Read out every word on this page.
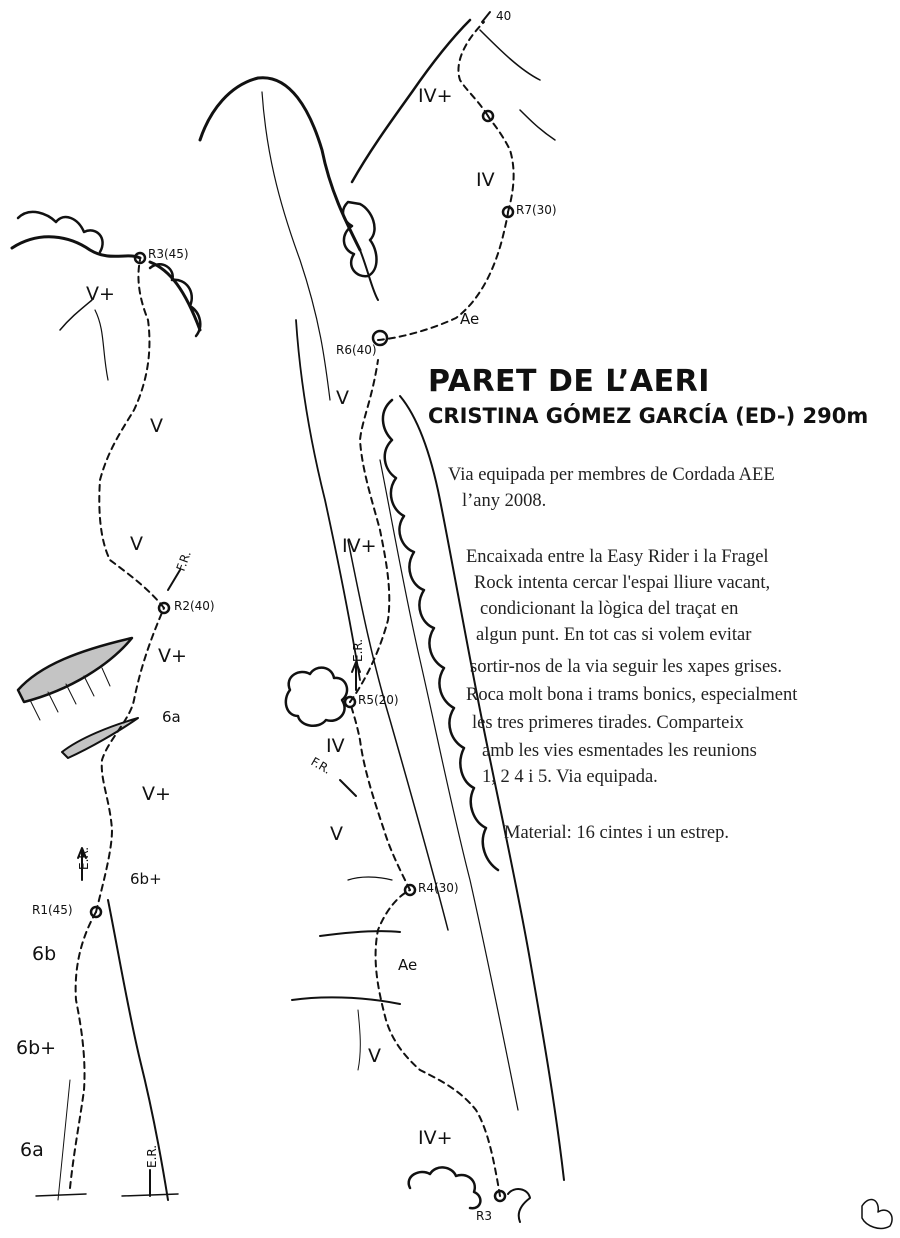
40
R7(30)
R6(40)
R5(20)
R4(30)
R3
R3(45)
R2(40)
R1(45)
6a
6b+
6b
6b+
V+
6a
V+
V
V
V+
IV+
V
Ae
V
IV
IV+
V
Ae
IV
IV+
E.R.
E.R.
F.R.
E.R.
F.R.
PARET DE L’AERI
CRISTINA GÓMEZ GARCÍA (ED-) 290m

Via equipada per membres de Cordada AEE

l’any 2008.

Encaixada entre la Easy Rider i la Fragel

Rock intenta cercar l'espai lliure vacant,

condicionant la lògica del traçat en

algun punt. En tot cas si volem evitar

sortir-nos de la via seguir les xapes grises.

Roca molt bona i trams bonics, especialment

les tres primeres tirades. Comparteix

amb les vies esmentades les reunions

1, 2 4 i 5. Via equipada.

Material: 16 cintes i un estrep.
